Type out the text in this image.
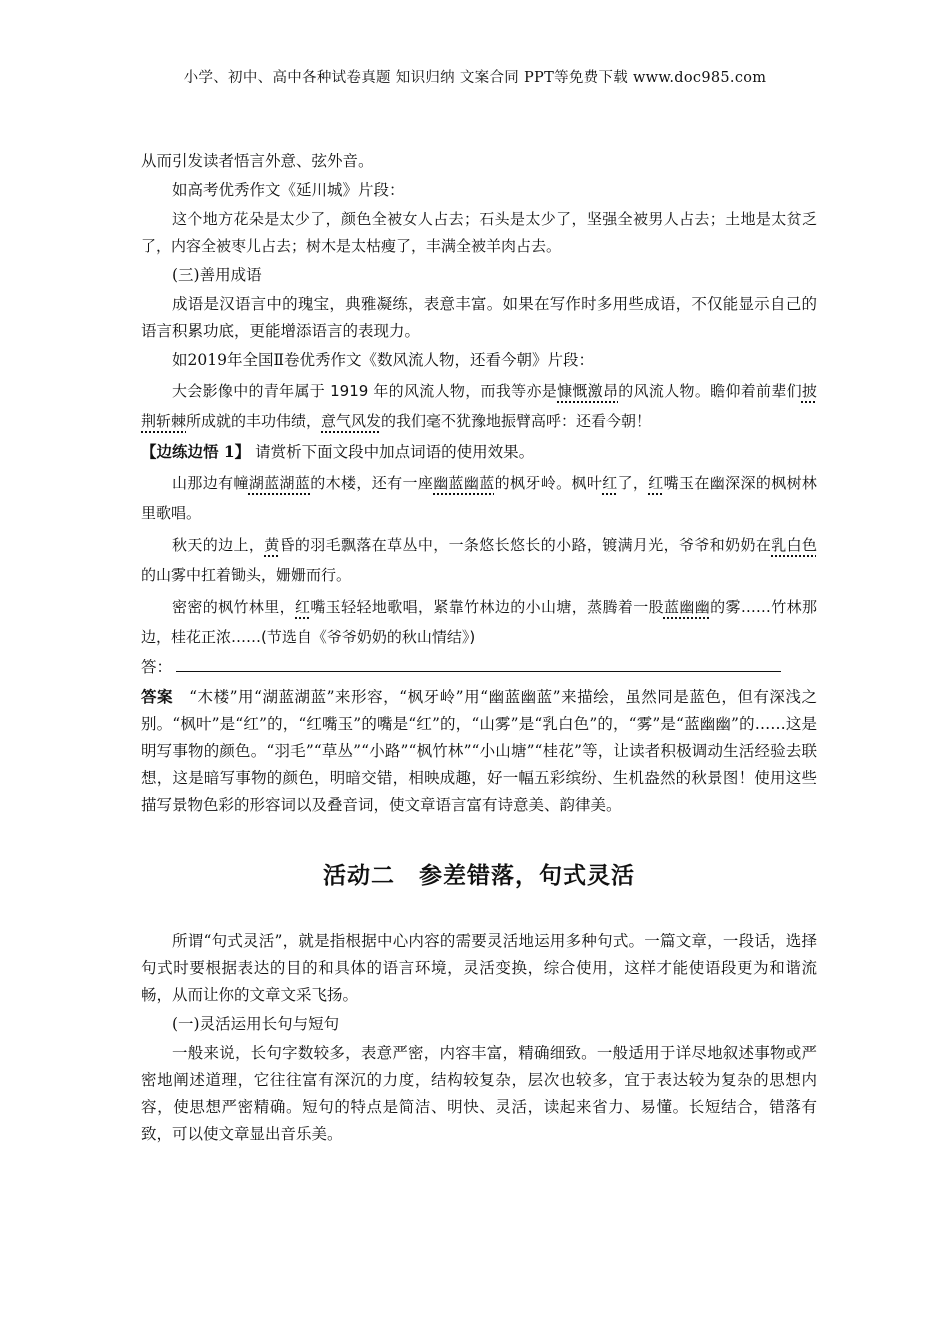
小学、初中、高中各种试卷真题 知识归纳 文案合同 PPT等免费下载 www.doc985.com

从而引发读者悟言外意、弦外音。

如高考优秀作文《延川城》片段：

这个地方花朵是太少了，颜色全被女人占去；石头是太少了，坚强全被男人占去；土地是太贫乏了，内容全被枣儿占去；树木是太枯瘦了，丰满全被羊肉占去。

(三)善用成语

成语是汉语言中的瑰宝，典雅凝练，表意丰富。如果在写作时多用些成语，不仅能显示自己的语言积累功底，更能增添语言的表现力。

如2019年全国Ⅱ卷优秀作文《数风流人物，还看今朝》片段：

大会影像中的青年属于 1919 年的风流人物，而我等亦是慷慨激昂的风流人物。瞻仰着前辈们披荆斩棘所成就的丰功伟绩，意气风发的我们毫不犹豫地振臂高呼：还看今朝！

【边练边悟 1】 请赏析下面文段中加点词语的使用效果。

山那边有幢湖蓝湖蓝的木楼，还有一座幽蓝幽蓝的枫牙岭。枫叶红了，红嘴玉在幽深深的枫树林里歌唱。

秋天的边上，黄昏的羽毛飘落在草丛中，一条悠长悠长的小路，镀满月光，爷爷和奶奶在乳白色的山雾中扛着锄头，姗姗而行。

密密的枫竹林里，红嘴玉轻轻地歌唱，紧靠竹林边的小山塘，蒸腾着一股蓝幽幽的雾……竹林那边，桂花正浓……(节选自《爷爷奶奶的秋山情结》)

答：

答案　 “木楼”用“湖蓝湖蓝”来形容，“枫牙岭”用“幽蓝幽蓝”来描绘，虽然同是蓝色，但有深浅之别。“枫叶”是“红”的，“红嘴玉”的嘴是“红”的，“山雾”是“乳白色”的，“雾”是“蓝幽幽”的……这是明写事物的颜色。“羽毛”“草丛”“小路”“枫竹林”“小山塘”“桂花”等，让读者积极调动生活经验去联想，这是暗写事物的颜色，明暗交错，相映成趣，好一幅五彩缤纷、生机盎然的秋景图！使用这些描写景物色彩的形容词以及叠音词，使文章语言富有诗意美、韵律美。

活动二　参差错落，句式灵活

所谓“句式灵活”，就是指根据中心内容的需要灵活地运用多种句式。一篇文章，一段话，选择句式时要根据表达的目的和具体的语言环境，灵活变换，综合使用，这样才能使语段更为和谐流畅，从而让你的文章文采飞扬。

(一)灵活运用长句与短句

一般来说，长句字数较多，表意严密，内容丰富，精确细致。一般适用于详尽地叙述事物或严密地阐述道理，它往往富有深沉的力度，结构较复杂，层次也较多，宜于表达较为复杂的思想内容，使思想严密精确。短句的特点是简洁、明快、灵活，读起来省力、易懂。长短结合，错落有致，可以使文章显出音乐美。
